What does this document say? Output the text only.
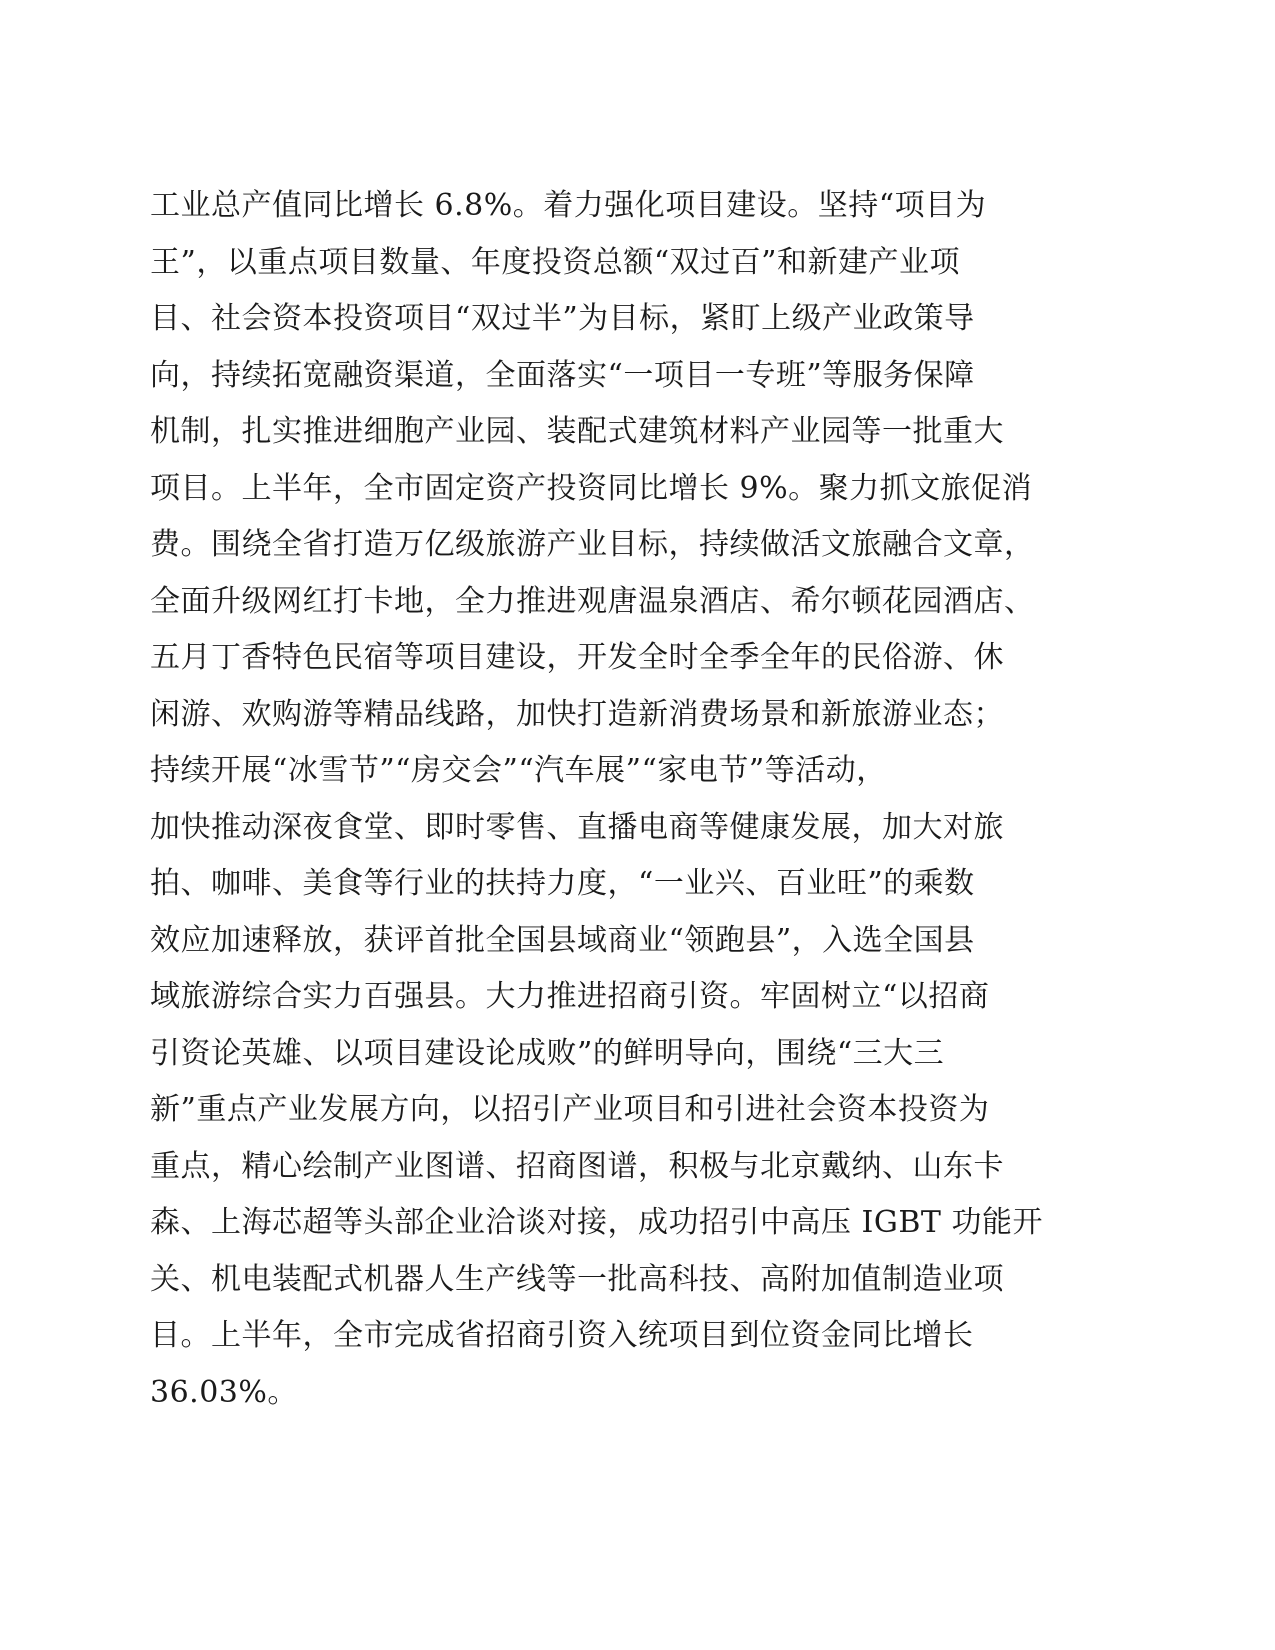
工业总产值同比增长 6.8%。着力强化项目建设。坚持“项目为
王”，以重点项目数量、年度投资总额“双过百”和新建产业项
目、社会资本投资项目“双过半”为目标，紧盯上级产业政策导
向，持续拓宽融资渠道，全面落实“一项目一专班”等服务保障
机制，扎实推进细胞产业园、装配式建筑材料产业园等一批重大
项目。上半年，全市固定资产投资同比增长 9%。聚力抓文旅促消
费。围绕全省打造万亿级旅游产业目标，持续做活文旅融合文章，
全面升级网红打卡地，全力推进观唐温泉酒店、希尔顿花园酒店、
五月丁香特色民宿等项目建设，开发全时全季全年的民俗游、休
闲游、欢购游等精品线路，加快打造新消费场景和新旅游业态；
持续开展“冰雪节”“房交会”“汽车展”“家电节”等活动，
加快推动深夜食堂、即时零售、直播电商等健康发展，加大对旅
拍、咖啡、美食等行业的扶持力度，“一业兴、百业旺”的乘数
效应加速释放，获评首批全国县域商业“领跑县”，入选全国县
域旅游综合实力百强县。大力推进招商引资。牢固树立“以招商
引资论英雄、以项目建设论成败”的鲜明导向，围绕“三大三
新”重点产业发展方向，以招引产业项目和引进社会资本投资为
重点，精心绘制产业图谱、招商图谱，积极与北京戴纳、山东卡
森、上海芯超等头部企业洽谈对接，成功招引中高压 IGBT 功能开
关、机电装配式机器人生产线等一批高科技、高附加值制造业项
目。上半年，全市完成省招商引资入统项目到位资金同比增长
36.03%。
